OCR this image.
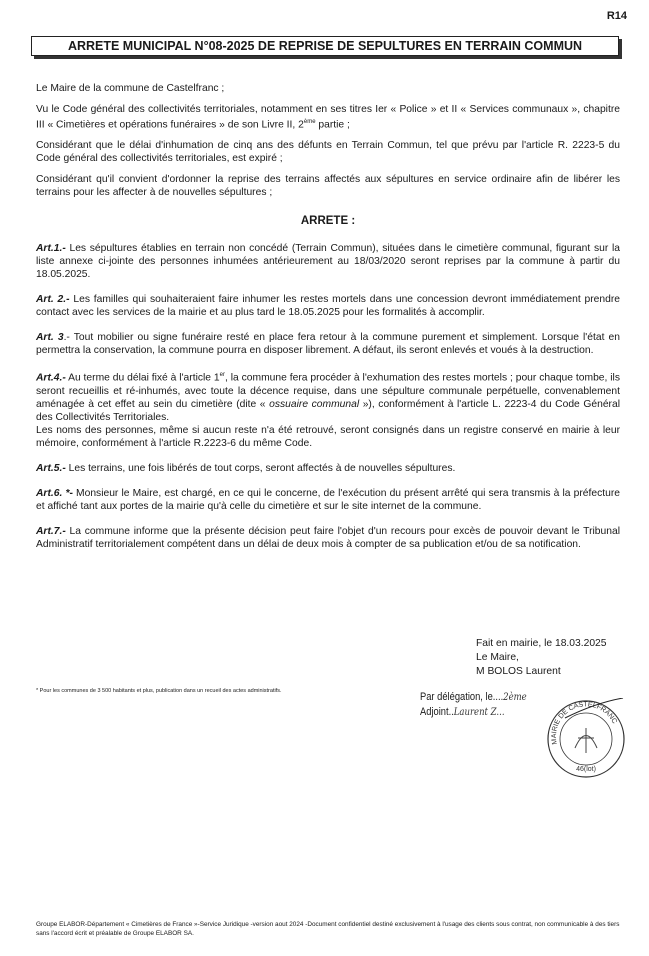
R14
ARRETE MUNICIPAL N°08-2025 DE REPRISE DE SEPULTURES EN TERRAIN COMMUN

Le Maire de la commune de Castelfranc ;

Vu le Code général des collectivités territoriales, notamment en ses titres Ier « Police » et II « Services communaux », chapitre III « Cimetières et opérations funéraires » de son Livre II, 2ème partie ;

Considérant que le délai d'inhumation de cinq ans des défunts en Terrain Commun, tel que prévu par l'article R. 2223-5 du Code général des collectivités territoriales, est expiré ;

Considérant qu'il convient d'ordonner la reprise des terrains affectés aux sépultures en service ordinaire afin de libérer les terrains pour les affecter à de nouvelles sépultures ;

ARRETE :

Art.1.- Les sépultures établies en terrain non concédé (Terrain Commun), situées dans le cimetière communal, figurant sur la liste annexe ci-jointe des personnes inhumées antérieurement au 18/03/2020 seront reprises par la commune à partir du 18.05.2025.

Art. 2.- Les familles qui souhaiteraient faire inhumer les restes mortels dans une concession devront immédiatement prendre contact avec les services de la mairie et au plus tard le 18.05.2025 pour les formalités à accomplir.

Art. 3.- Tout mobilier ou signe funéraire resté en place fera retour à la commune purement et simplement. Lorsque l'état en permettra la conservation, la commune pourra en disposer librement. A défaut, ils seront enlevés et voués à la destruction.

Art.4.- Au terme du délai fixé à l'article 1er, la commune fera procéder à l'exhumation des restes mortels ; pour chaque tombe, ils seront recueillis et ré-inhumés, avec toute la décence requise, dans une sépulture communale perpétuelle, convenablement aménagée à cet effet au sein du cimetière (dite « ossuaire communal »), conformément à l'article L. 2223-4 du Code Général des Collectivités Territoriales.

Les noms des personnes, même si aucun reste n'a été retrouvé, seront consignés dans un registre conservé en mairie à leur mémoire, conformément à l'article R.2223-6 du même Code.

Art.5.- Les terrains, une fois libérés de tout corps, seront affectés à de nouvelles sépultures.

Art.6. *- Monsieur le Maire, est chargé, en ce qui le concerne, de l'exécution du présent arrêté qui sera transmis à la préfecture et affiché tant aux portes de la mairie qu'à celle du cimetière et sur le site internet de la commune.

Art.7.- La commune informe que la présente décision peut faire l'objet d'un recours pour excès de pouvoir devant le Tribunal Administratif territorialement compétent dans un délai de deux mois à compter de sa publication et/ou de sa notification.

Fait en mairie, le 18.03.2025
Le Maire,
M BOLOS Laurent
* Pour les communes de 3 500 habitants et plus, publication dans un recueil des actes administratifs.	Par délégation, le....2ème
Adjoint..Laurent Z...
MAIRIE DE CASTELFRANC
46(lot)
Groupe ELABOR-Département « Cimetières de France »-Service Juridique -version aout 2024 -Document confidentiel destiné exclusivement à l'usage des clients sous contrat, non communicable à des tiers sans l'accord écrit et préalable de Groupe ELABOR SA.
